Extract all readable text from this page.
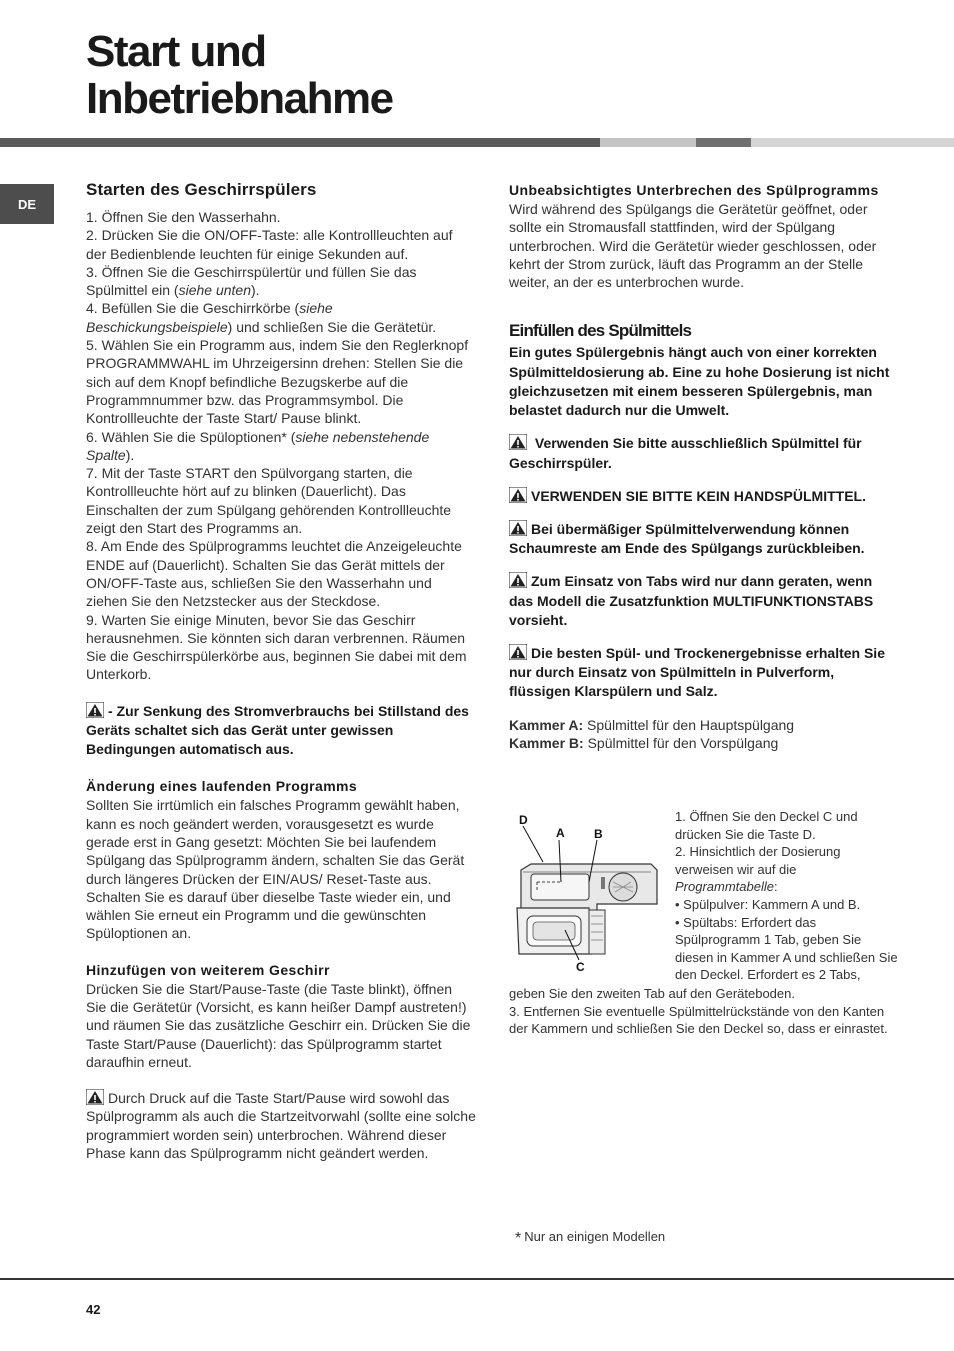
Start und
Inbetriebnahme
DE
Starten des Geschirrspülers

1. Öffnen Sie den Wasserhahn.

2. Drücken Sie die ON/OFF-Taste: alle Kontrollleuchten auf der Bedienblende leuchten für einige Sekunden auf.

3. Öffnen Sie die Geschirrspülertür und füllen Sie das Spülmittel ein (siehe unten).

4. Befüllen Sie die Geschirrkörbe (siehe Beschickungsbeispiele) und schließen Sie die Gerätetür.

5. Wählen Sie ein Programm aus, indem Sie den Reglerknopf PROGRAMMWAHL im Uhrzeigersinn drehen: Stellen Sie die sich auf dem Knopf befindliche Bezugskerbe auf die Programmnummer bzw. das Programmsymbol. Die Kontrollleuchte der Taste Start/ Pause blinkt.

6. Wählen Sie die Spüloptionen* (siehe nebenstehende Spalte).

7. Mit der Taste START den Spülvorgang starten, die Kontrollleuchte hört auf zu blinken (Dauerlicht). Das Einschalten der zum Spülgang gehörenden Kontrollleuchte zeigt den Start des Programms an.

8. Am Ende des Spülprogramms leuchtet die Anzeigeleuchte ENDE auf (Dauerlicht). Schalten Sie das Gerät mittels der ON/OFF-Taste aus, schließen Sie den Wasserhahn und ziehen Sie den Netzstecker aus der Steckdose.

9. Warten Sie einige Minuten, bevor Sie das Geschirr herausnehmen. Sie könnten sich daran verbrennen. Räumen Sie die Geschirrspülerkörbe aus, beginnen Sie dabei mit dem Unterkorb.

- Zur Senkung des Stromverbrauchs bei Stillstand des Geräts schaltet sich das Gerät unter gewissen Bedingungen automatisch aus.
Änderung eines laufenden Programms

Sollten Sie irrtümlich ein falsches Programm gewählt haben, kann es noch geändert werden, vorausgesetzt es wurde gerade erst in Gang gesetzt: Möchten Sie bei laufendem Spülgang das Spülprogramm ändern, schalten Sie das Gerät durch längeres Drücken der EIN/AUS/ Reset-Taste aus. Schalten Sie es darauf über dieselbe Taste wieder ein, und wählen Sie erneut ein Programm und die gewünschten Spüloptionen an.

Hinzufügen von weiterem Geschirr

Drücken Sie die Start/Pause-Taste (die Taste blinkt), öffnen Sie die Gerätetür (Vorsicht, es kann heißer Dampf austreten!) und räumen Sie das zusätzliche Geschirr ein. Drücken Sie die Taste Start/Pause (Dauerlicht): das Spülprogramm startet daraufhin erneut.

Durch Druck auf die Taste Start/Pause wird sowohl das Spülprogramm als auch die Startzeitvorwahl (sollte eine solche programmiert worden sein) unterbrochen. Während dieser Phase kann das Spülprogramm nicht geändert werden.

Unbeabsichtigtes Unterbrechen des Spülprogramms

Wird während des Spülgangs die Gerätetür geöffnet, oder sollte ein Stromausfall stattfinden, wird der Spülgang unterbrochen. Wird die Gerätetür wieder geschlossen, oder kehrt der Strom zurück, läuft das Programm an der Stelle weiter, an der es unterbrochen wurde.

Einfüllen des Spülmittels
Ein gutes Spülergebnis hängt auch von einer korrekten Spülmitteldosierung ab. Eine zu hohe Dosierung ist nicht gleichzusetzen mit einem besseren Spülergebnis, man belastet dadurch nur die Umwelt.
Verwenden Sie bitte ausschließlich Spülmittel für Geschirrspüler.
VERWENDEN SIE BITTE KEIN HANDSPÜLMITTEL.
Bei übermäßiger Spülmittelverwendung können Schaumreste am Ende des Spülgangs zurückbleiben.
Zum Einsatz von Tabs wird nur dann geraten, wenn das Modell die Zusatzfunktion MULTIFUNKTIONSTABS vorsieht.
Die besten Spül- und Trockenergebnisse erhalten Sie nur durch Einsatz von Spülmitteln in Pulverform, flüssigen Klarspülern und Salz.

Kammer A: Spülmittel für den Hauptspülgang

Kammer B: Spülmittel für den Vorspülgang

D
A B
C
1. Öffnen Sie den Deckel C und drücken Sie die Taste D.
2. Hinsichtlich der Dosierung verweisen wir auf die Programmtabelle:
• Spülpulver: Kammern A und B.
• Spültabs: Erfordert das Spülprogramm 1 Tab, geben Sie diesen in Kammer A und schließen Sie den Deckel. Erfordert es 2 Tabs,
geben Sie den zweiten Tab auf den Geräteboden.
3. Entfernen Sie eventuelle Spülmittelrückstände von den Kanten der Kammern und schließen Sie den Deckel so, dass er einrastet.
* Nur an einigen Modellen
42
